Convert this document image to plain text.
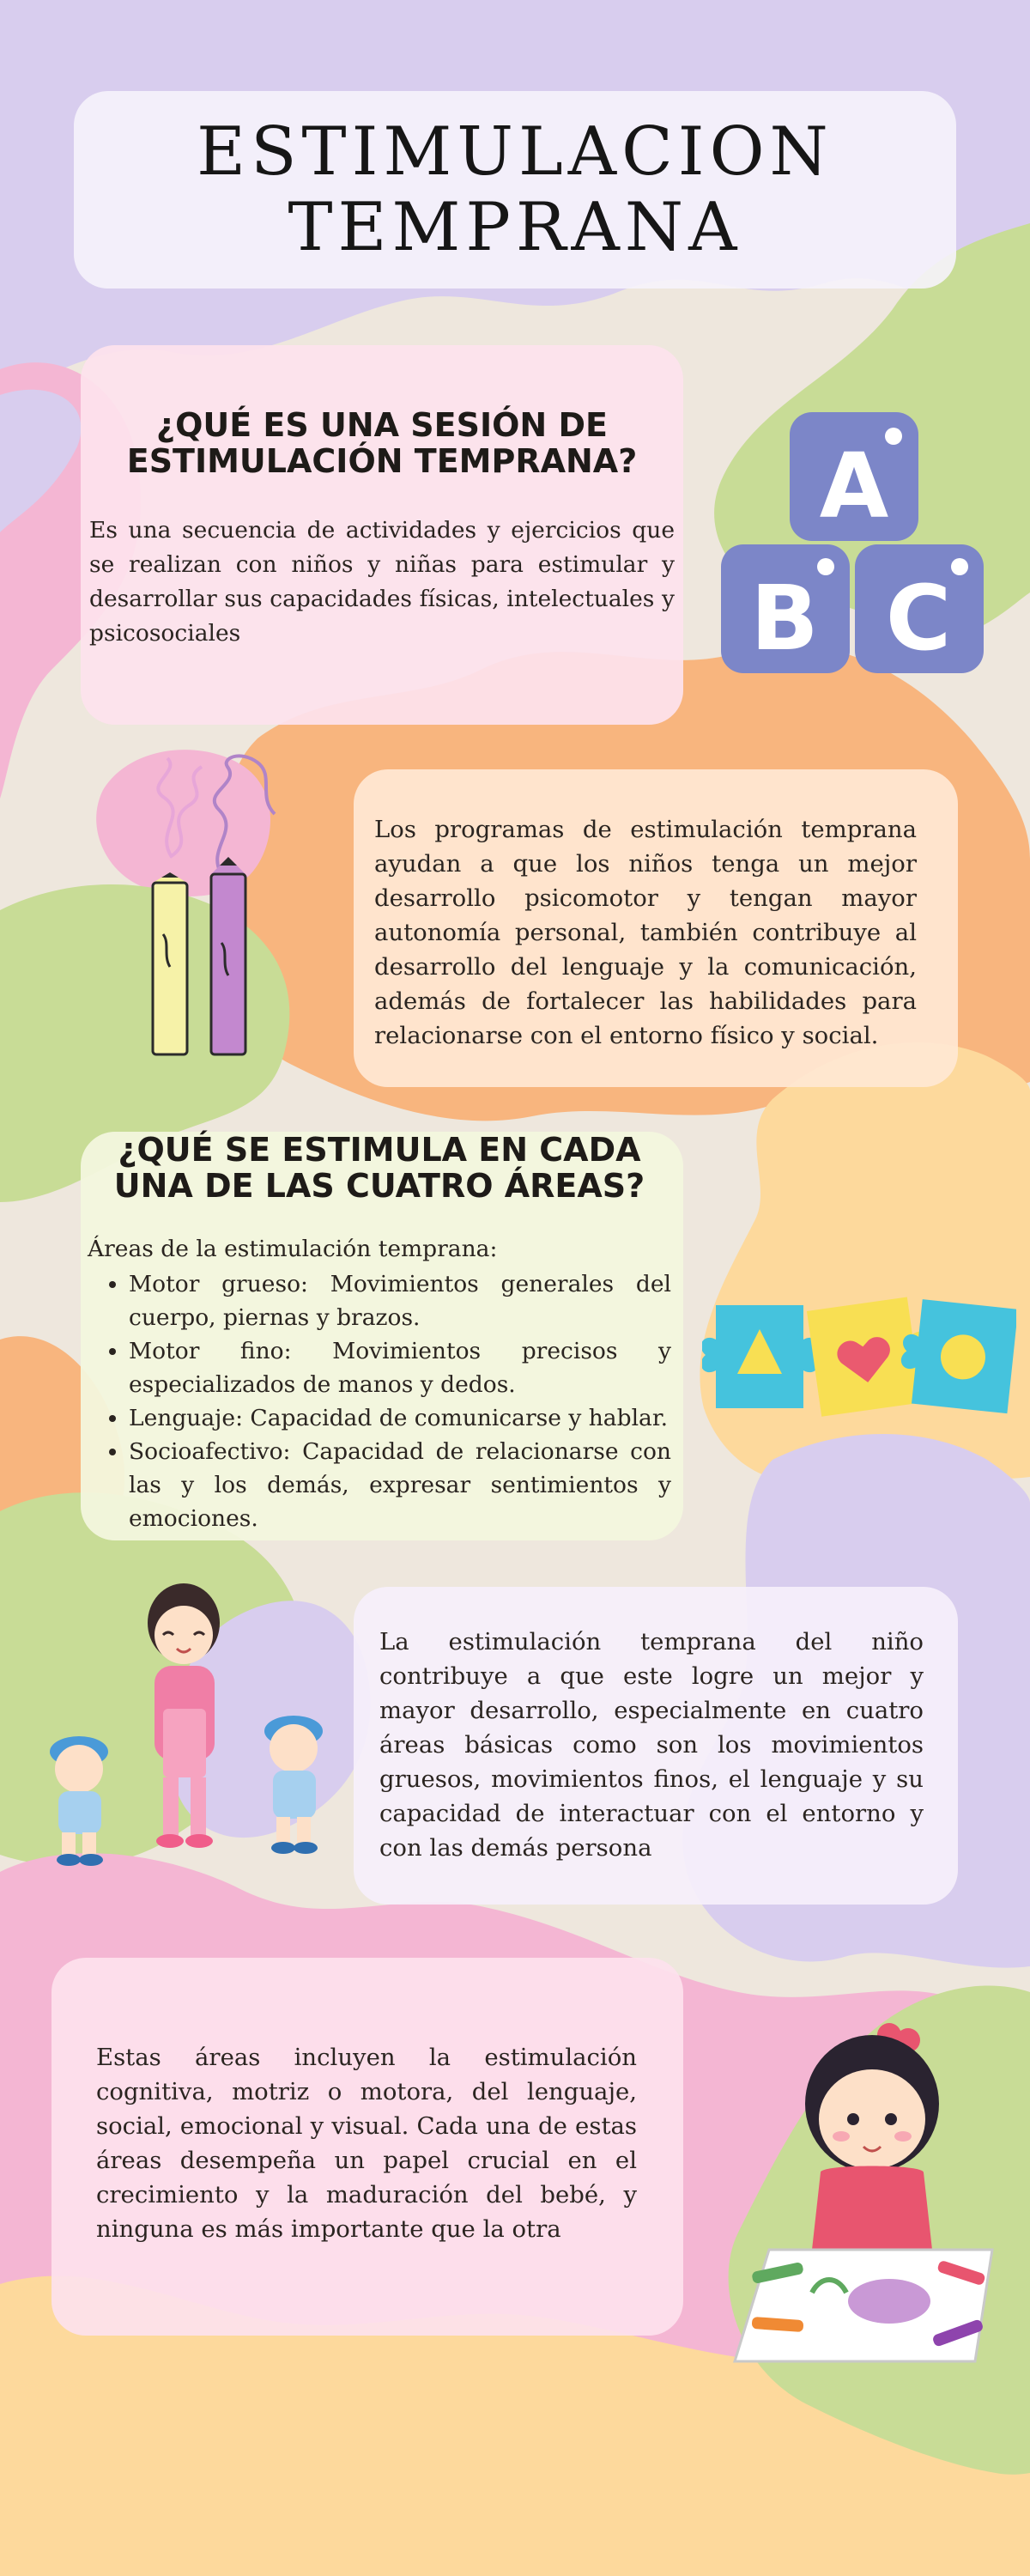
ESTIMULACION TEMPRANA
¿QUÉ ES UNA SESIÓN DE ESTIMULACIÓN TEMPRANA?

Es una secuencia de actividades y ejercicios que se realizan con niños y niñas para estimular y desarrollar sus capacidades físicas, intelectuales y psicosociales

Los programas de estimulación temprana ayudan a que los niños tenga un mejor desarrollo psicomotor y tengan mayor autonomía personal, también contribuye al desarrollo del lenguaje y la comunicación, además de fortalecer las habilidades para relacionarse con el entorno físico y social.

¿QUÉ SE ESTIMULA EN CADA UNA DE LAS CUATRO ÁREAS?

Áreas de la estimulación temprana:

• Motor grueso: Movimientos generales del cuerpo, piernas y brazos.
• Motor fino: Movimientos precisos y especializados de manos y dedos.
• Lenguaje: Capacidad de comunicarse y hablar.
• Socioafectivo: Capacidad de relacionarse con las y los demás, expresar sentimientos y emociones.

La estimulación temprana del niño contribuye a que este logre un mejor y mayor desarrollo, especialmente en cuatro áreas básicas como son los movimientos gruesos, movimientos finos, el lenguaje y su capacidad de interactuar con el entorno y con las demás persona

Estas áreas incluyen la estimulación cognitiva, motriz o motora, del lenguaje, social, emocional y visual. Cada una de estas áreas desempeña un papel crucial en el crecimiento y la maduración del bebé, y ninguna es más importante que la otra

A
B C
